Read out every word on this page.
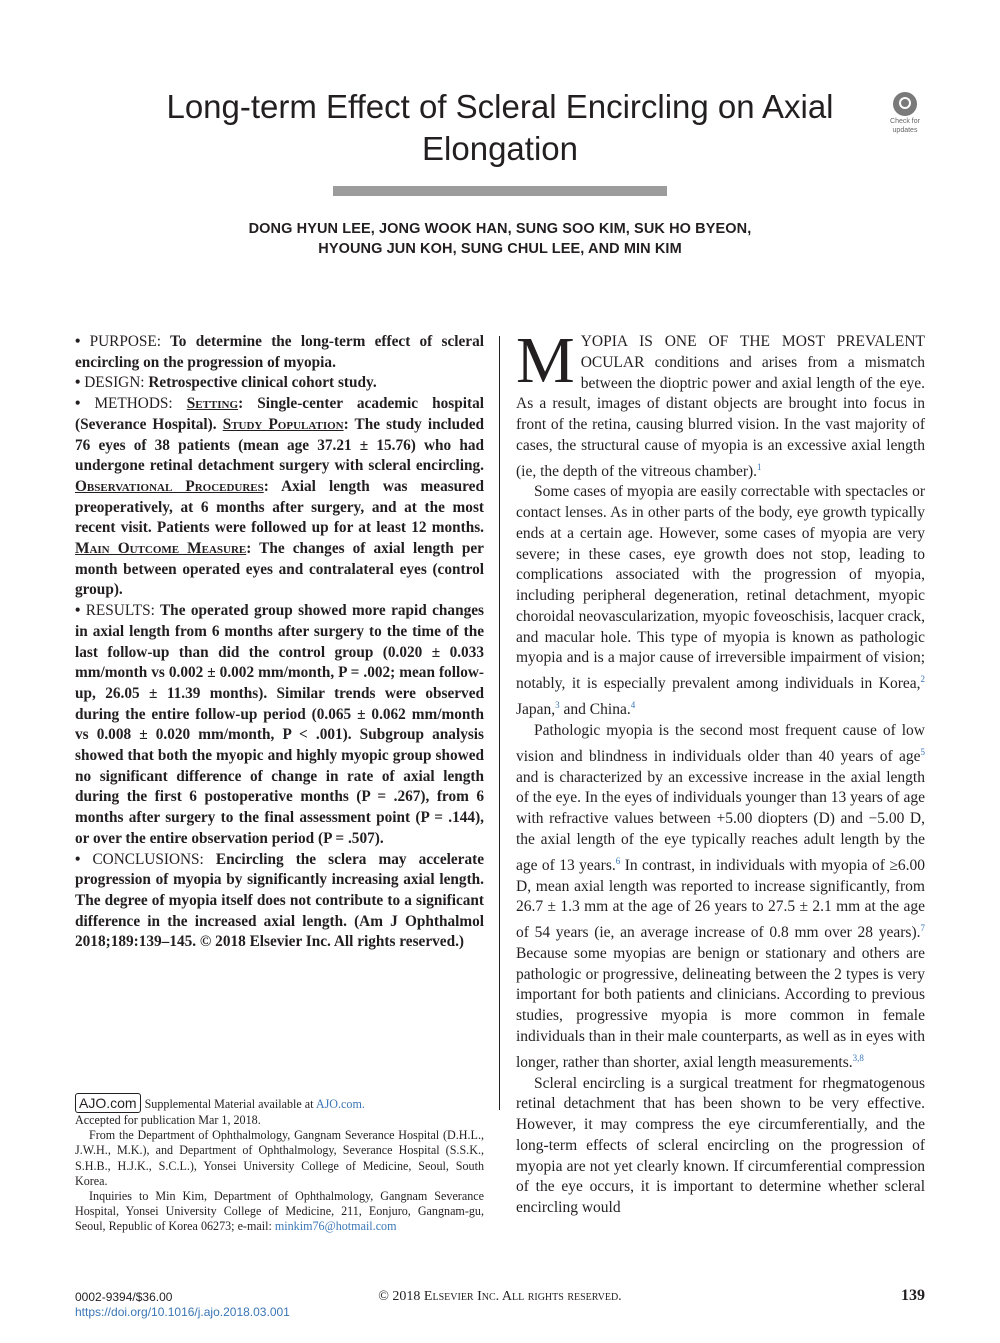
Long-term Effect of Scleral Encircling on Axial Elongation
Check for
updates
DONG HYUN LEE, JONG WOOK HAN, SUNG SOO KIM, SUK HO BYEON,
HYOUNG JUN KOH, SUNG CHUL LEE, AND MIN KIM

• PURPOSE: To determine the long-term effect of scleral encircling on the progression of myopia.

• DESIGN: Retrospective clinical cohort study.

• METHODS: Setting: Single-center academic hospital (Severance Hospital). Study Population: The study included 76 eyes of 38 patients (mean age 37.21 ± 15.76) who had undergone retinal detachment surgery with scleral encircling. Observational Procedures: Axial length was measured preoperatively, at 6 months after surgery, and at the most recent visit. Patients were followed up for at least 12 months. Main Outcome Measure: The changes of axial length per month between operated eyes and contralateral eyes (control group).

• RESULTS: The operated group showed more rapid changes in axial length from 6 months after surgery to the time of the last follow-up than did the control group (0.020 ± 0.033 mm/month vs 0.002 ± 0.002 mm/month, P = .002; mean follow-up, 26.05 ± 11.39 months). Similar trends were observed during the entire follow-up period (0.065 ± 0.062 mm/month vs 0.008 ± 0.020 mm/month, P < .001). Subgroup analysis showed that both the myopic and highly myopic group showed no significant difference of change in rate of axial length during the first 6 postoperative months (P = .267), from 6 months after surgery to the final assessment point (P = .144), or over the entire observation period (P = .507).

• CONCLUSIONS: Encircling the sclera may accelerate progression of myopia by significantly increasing axial length. The degree of myopia itself does not contribute to a significant difference in the increased axial length. (Am J Ophthalmol 2018;189:139–145. © 2018 Elsevier Inc. All rights reserved.)

AJO.com Supplemental Material available at AJO.com.

Accepted for publication Mar 1, 2018.

From the Department of Ophthalmology, Gangnam Severance Hospital (D.H.L., J.W.H., M.K.), and Department of Ophthalmology, Severance Hospital (S.S.K., S.H.B., H.J.K., S.C.L.), Yonsei University College of Medicine, Seoul, South Korea.

Inquiries to Min Kim, Department of Ophthalmology, Gangnam Severance Hospital, Yonsei University College of Medicine, 211, Eonjuro, Gangnam-gu, Seoul, Republic of Korea 06273; e-mail: minkim76@hotmail.com

MYOPIA IS ONE OF THE MOST PREVALENT OCULAR conditions and arises from a mismatch between the dioptric power and axial length of the eye. As a result, images of distant objects are brought into focus in front of the retina, causing blurred vision. In the vast majority of cases, the structural cause of myopia is an excessive axial length (ie, the depth of the vitreous chamber).$^1$

Some cases of myopia are easily correctable with spectacles or contact lenses. As in other parts of the body, eye growth typically ends at a certain age. However, some cases of myopia are very severe; in these cases, eye growth does not stop, leading to complications associated with the progression of myopia, including peripheral degeneration, retinal detachment, myopic choroidal neovascularization, myopic foveoschisis, lacquer crack, and macular hole. This type of myopia is known as pathologic myopia and is a major cause of irreversible impairment of vision; notably, it is especially prevalent among individuals in Korea,$^2$ Japan,$^3$ and China.$^4$

Pathologic myopia is the second most frequent cause of low vision and blindness in individuals older than 40 years of age$^5$ and is characterized by an excessive increase in the axial length of the eye. In the eyes of individuals younger than 13 years of age with refractive values between +5.00 diopters (D) and −5.00 D, the axial length of the eye typically reaches adult length by the age of 13 years.$^6$ In contrast, in individuals with myopia of ≥6.00 D, mean axial length was reported to increase significantly, from 26.7 ± 1.3 mm at the age of 26 years to 27.5 ± 2.1 mm at the age of 54 years (ie, an average increase of 0.8 mm over 28 years).$^7$ Because some myopias are benign or stationary and others are pathologic or progressive, delineating between the 2 types is very important for both patients and clinicians. According to previous studies, progressive myopia is more common in female individuals than in their male counterparts, as well as in eyes with longer, rather than shorter, axial length measurements.$^{3,8}$

Scleral encircling is a surgical treatment for rhegmatogenous retinal detachment that has been shown to be very effective. However, it may compress the eye circumferentially, and the long-term effects of scleral encircling on the progression of myopia are not yet clearly known. If circumferential compression of the eye occurs, it is important to determine whether scleral encircling would

0002-9394/$36.00
https://doi.org/10.1016/j.ajo.2018.03.001
© 2018 Elsevier Inc. All rights reserved.	139
